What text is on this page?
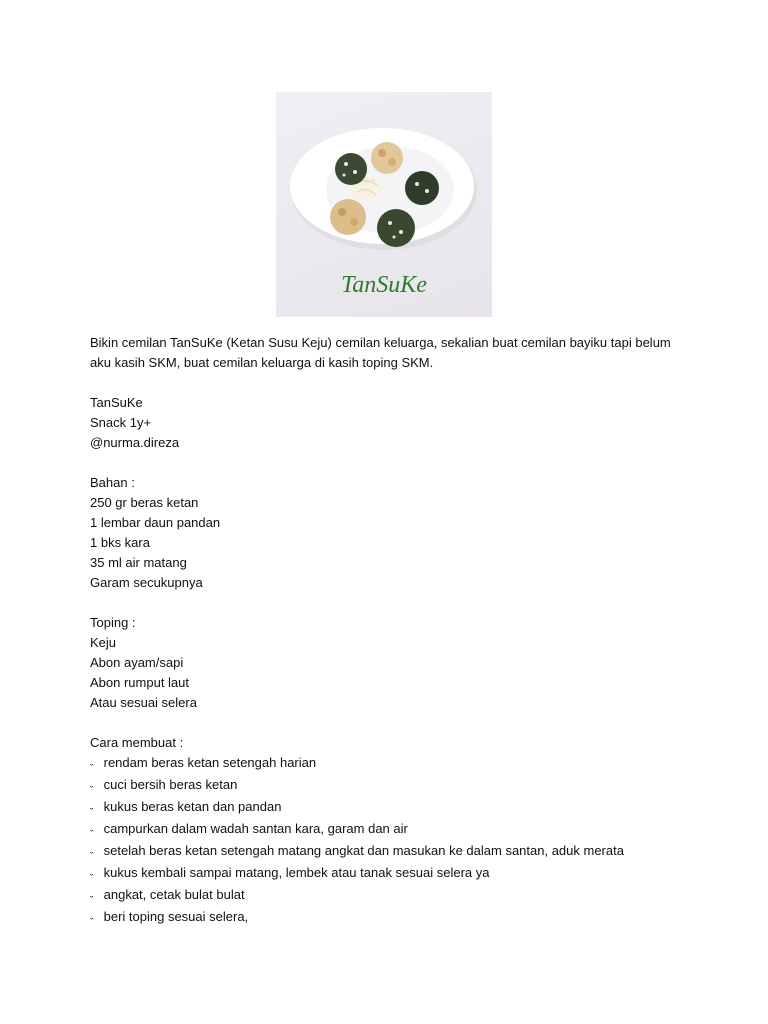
TanSuKe

Bikin cemilan TanSuKe (Ketan Susu Keju) cemilan keluarga, sekalian buat cemilan bayiku tapi belum aku kasih SKM, buat cemilan keluarga di kasih toping SKM.

TanSuKe

Snack 1y+

@nurma.direza

Bahan :

250 gr beras ketan

1 lembar daun pandan

1 bks kara

35 ml air matang

Garam secukupnya

Toping :

Keju

Abon ayam/sapi

Abon rumput laut

Atau sesuai selera

Cara membuat :

˵ rendam beras ketan setengah harian

˵ cuci bersih beras ketan

˵ kukus beras ketan dan pandan

˵ campurkan dalam wadah santan kara, garam dan air

˵ setelah beras ketan setengah matang angkat dan masukan ke dalam santan, aduk merata

˵ kukus kembali sampai matang, lembek atau tanak sesuai selera ya

˵ angkat, cetak bulat bulat

˵ beri toping sesuai selera,
